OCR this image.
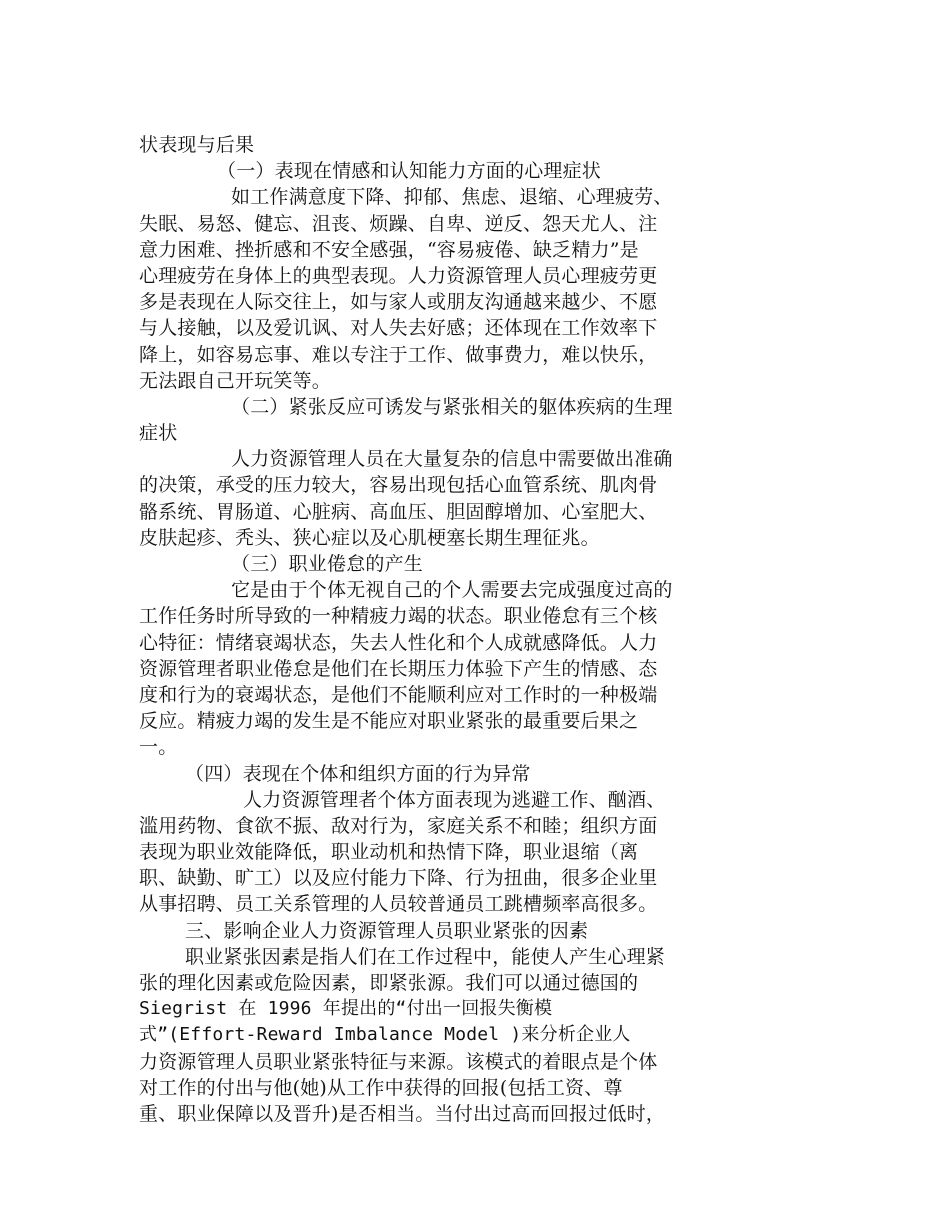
状表现与后果
（一）表现在情感和认知能力方面的心理症状
如工作满意度下降、抑郁、焦虑、退缩、心理疲劳、
失眠、易怒、健忘、沮丧、烦躁、自卑、逆反、怨天尤人、注
意力困难、挫折感和不安全感强，“容易疲倦、缺乏精力”是
心理疲劳在身体上的典型表现。人力资源管理人员心理疲劳更
多是表现在人际交往上，如与家人或朋友沟通越来越少、不愿
与人接触，以及爱讥讽、对人失去好感；还体现在工作效率下
降上，如容易忘事、难以专注于工作、做事费力，难以快乐，
无法跟自己开玩笑等。
（二）紧张反应可诱发与紧张相关的躯体疾病的生理
症状
人力资源管理人员在大量复杂的信息中需要做出准确
的决策，承受的压力较大，容易出现包括心血管系统、肌肉骨
骼系统、胃肠道、心脏病、高血压、胆固醇增加、心室肥大、
皮肤起疹、秃头、狭心症以及心肌梗塞长期生理征兆。
（三）职业倦怠的产生
它是由于个体无视自己的个人需要去完成强度过高的
工作任务时所导致的一种精疲力竭的状态。职业倦怠有三个核
心特征：情绪衰竭状态，失去人性化和个人成就感降低。人力
资源管理者职业倦怠是他们在长期压力体验下产生的情感、态
度和行为的衰竭状态，是他们不能顺利应对工作时的一种极端
反应。精疲力竭的发生是不能应对职业紧张的最重要后果之
一。
（四）表现在个体和组织方面的行为异常
人力资源管理者个体方面表现为逃避工作、酗酒、
滥用药物、食欲不振、敌对行为，家庭关系不和睦；组织方面
表现为职业效能降低，职业动机和热情下降，职业退缩（离
职、缺勤、旷工）以及应付能力下降、行为扭曲，很多企业里
从事招聘、员工关系管理的人员较普通员工跳槽频率高很多。
三、影响企业人力资源管理人员职业紧张的因素
职业紧张因素是指人们在工作过程中，能使人产生心理紧
张的理化因素或危险因素，即紧张源。我们可以通过德国的
Siegrist 在 1996 年提出的“付出一回报失衡模
式”(Effort-Reward Imbalance Model )来分析企业人
力资源管理人员职业紧张特征与来源。该模式的着眼点是个体
对工作的付出与他(她)从工作中获得的回报(包括工资、尊
重、职业保障以及晋升)是否相当。当付出过高而回报过低时，
